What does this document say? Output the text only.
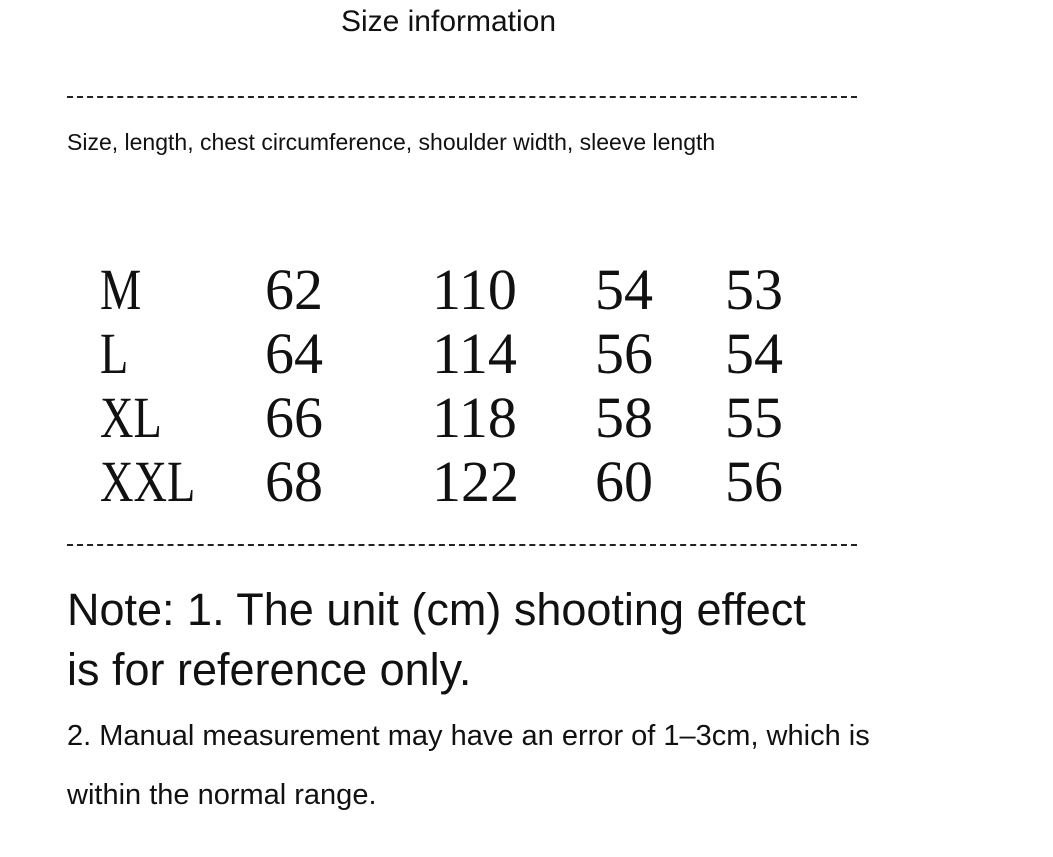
Size information
Size, length, chest circumference, shoulder width, sleeve length
M 62 110 54 53
L 64 114 56 54
XL 66 118 58 55
XXL 68 122 60 56

Note: 1. The unit (cm) shooting effect is for reference only.

2. Manual measurement may have an error of 1–3cm, which is within the normal range.
